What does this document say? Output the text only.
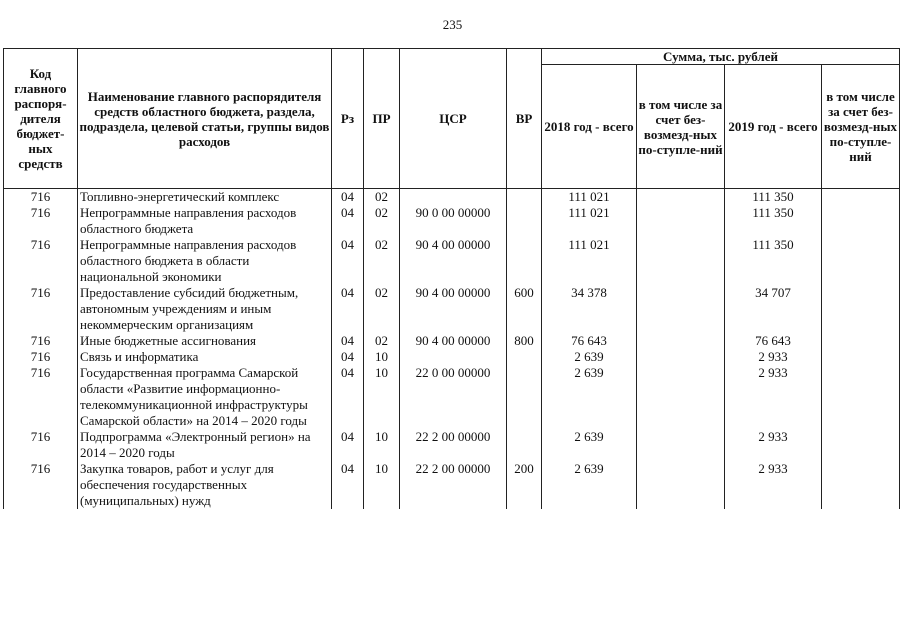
235
Код главного распоря-дителя бюджет-ных средств	Наименование главного распорядителя средств областного бюджета, раздела, подраздела, целевой статьи, группы видов расходов	Рз	ПР	ЦСР	ВР	Сумма, тыс. рублей			
						2018 год - всего	в том числе за счет без-возмезд-ных по-ступле-ний	2019 год - всего	в том числе за счет без-возмезд-ных по-ступле-ний
716	Топливно-энергетический комплекс	04	02			111 021		111 350	
716	Непрограммные направления расходов областного бюджета	04	02	90 0 00 00000		111 021		111 350	
716	Непрограммные направления расходов областного бюджета в области национальной экономики	04	02	90 4 00 00000		111 021		111 350	
716	Предоставление субсидий бюджетным, автономным учреждениям и иным некоммерческим организациям	04	02	90 4 00 00000	600	34 378		34 707	
716	Иные бюджетные ассигнования	04	02	90 4 00 00000	800	76 643		76 643	
716	Связь и информатика	04	10			2 639		2 933	
716	Государственная программа Самарской области «Развитие информационно-телекоммуникационной инфраструктуры Самарской области» на 2014 – 2020 годы	04	10	22 0 00 00000		2 639		2 933	
716	Подпрограмма «Электронный регион» на 2014 – 2020 годы	04	10	22 2 00 00000		2 639		2 933	
716	Закупка товаров, работ и услуг для обеспечения государственных (муниципальных) нужд	04	10	22 2 00 00000	200	2 639		2 933	
